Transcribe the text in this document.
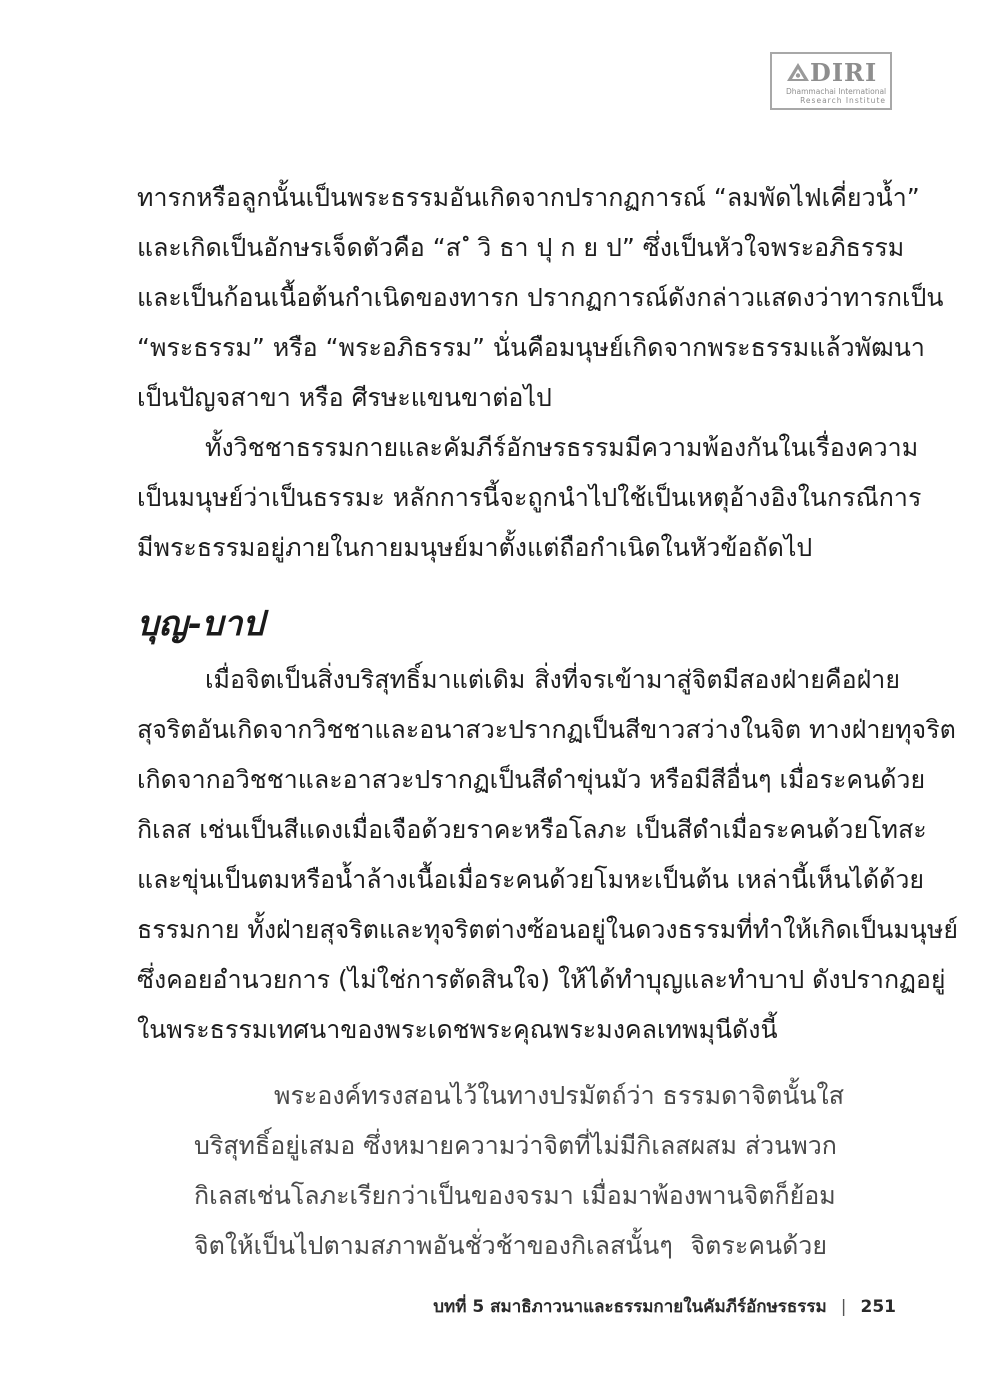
DIRI
Dhammachai International
Research Institute
ทารกหรือลูกนั้นเป็นพระธรรมอันเกิดจากปรากฏการณ์ “ลมพัดไฟเคี่ยวน้ำ”
และเกิดเป็นอักษรเจ็ดตัวคือ “ส ํ วิ ธา ปุ ก ย ป” ซึ่งเป็นหัวใจพระอภิธรรม
และเป็นก้อนเนื้อต้นกำเนิดของทารก ปรากฏการณ์ดังกล่าวแสดงว่าทารกเป็น
“พระธรรม” หรือ “พระอภิธรรม” นั่นคือมนุษย์เกิดจากพระธรรมแล้วพัฒนา
เป็นปัญจสาขา หรือ ศีรษะแขนขาต่อไป
ทั้งวิชชาธรรมกายและคัมภีร์อักษรธรรมมีความพ้องกันในเรื่องความ
เป็นมนุษย์ว่าเป็นธรรมะ หลักการนี้จะถูกนำไปใช้เป็นเหตุอ้างอิงในกรณีการ
มีพระธรรมอยู่ภายในกายมนุษย์มาตั้งแต่ถือกำเนิดในหัวข้อถัดไป
บุญ-บาป
เมื่อจิตเป็นสิ่งบริสุทธิ์มาแต่เดิม สิ่งที่จรเข้ามาสู่จิตมีสองฝ่ายคือฝ่าย
สุจริตอันเกิดจากวิชชาและอนาสวะปรากฏเป็นสีขาวสว่างในจิต ทางฝ่ายทุจริต
เกิดจากอวิชชาและอาสวะปรากฏเป็นสีดำขุ่นมัว หรือมีสีอื่นๆ เมื่อระคนด้วย
กิเลส เช่นเป็นสีแดงเมื่อเจือด้วยราคะหรือโลภะ เป็นสีดำเมื่อระคนด้วยโทสะ
และขุ่นเป็นตมหรือน้ำล้างเนื้อเมื่อระคนด้วยโมหะเป็นต้น เหล่านี้เห็นได้ด้วย
ธรรมกาย ทั้งฝ่ายสุจริตและทุจริตต่างซ้อนอยู่ในดวงธรรมที่ทำให้เกิดเป็นมนุษย์
ซึ่งคอยอำนวยการ (ไม่ใช่การตัดสินใจ) ให้ได้ทำบุญและทำบาป ดังปรากฏอยู่
ในพระธรรมเทศนาของพระเดชพระคุณพระมงคลเทพมุนีดังนี้
พระองค์ทรงสอนไว้ในทางปรมัตถ์ว่า ธรรมดาจิตนั้นใส
บริสุทธิ์อยู่เสมอ ซึ่งหมายความว่าจิตที่ไม่มีกิเลสผสม ส่วนพวก
กิเลสเช่นโลภะเรียกว่าเป็นของจรมา เมื่อมาพ้องพานจิตก็ย้อม
จิตให้เป็นไปตามสภาพอันชั่วช้าของกิเลสนั้นๆ จิตระคนด้วย
บทที่ 5 สมาธิภาวนาและธรรมกายในคัมภีร์อักษรธรรม | 251
